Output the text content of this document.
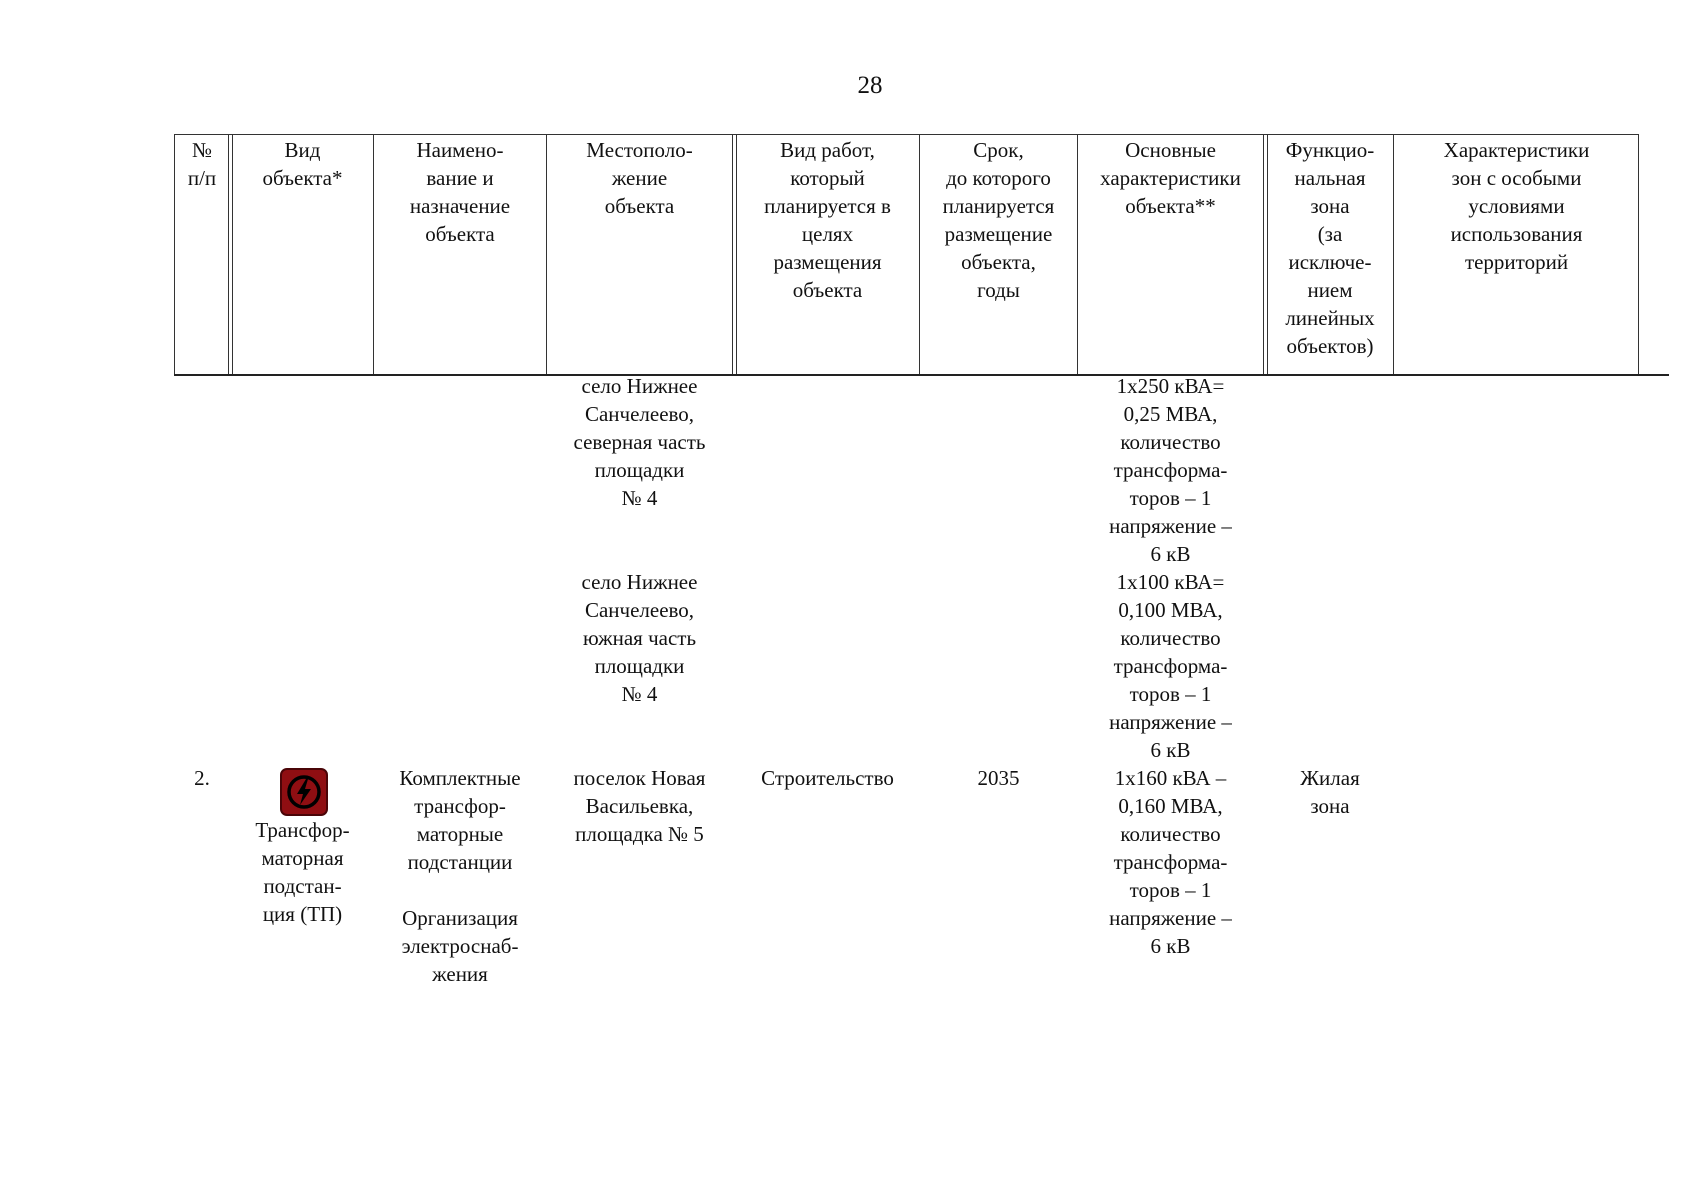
28
№
п/п
Вид
объекта*
Наимено-
вание и
назначение
объекта
Местополо-
жение
объекта
Вид работ,
который
планируется в
целях
размещения
объекта
Срок,
до которого
планируется
размещение
объекта,
годы
Основные
характеристики
объекта**
Функцио-
нальная
зона
(за
исключе-
нием
линейных
объектов)
Характеристики
зон с особыми
условиями
использования
территорий
село Нижнее
Санчелеево,
северная часть
площадки
№ 4
1х250 кВА=
0,25 МВА,
количество
трансформа-
торов – 1
напряжение –
6 кВ
село Нижнее
Санчелеево,
южная часть
площадки
№ 4
1х100 кВА=
0,100 МВА,
количество
трансформа-
торов – 1
напряжение –
6 кВ
2.
Трансфор-
маторная
подстан-
ция (ТП)
Комплектные
трансфор-
маторные
подстанции
Организация
электроснаб-
жения
поселок Новая
Васильевка,
площадка № 5
Строительство	2035	1х160 кВА –
0,160 МВА,
количество
трансформа-
торов – 1
напряжение –
6 кВ
Жилая
зона
